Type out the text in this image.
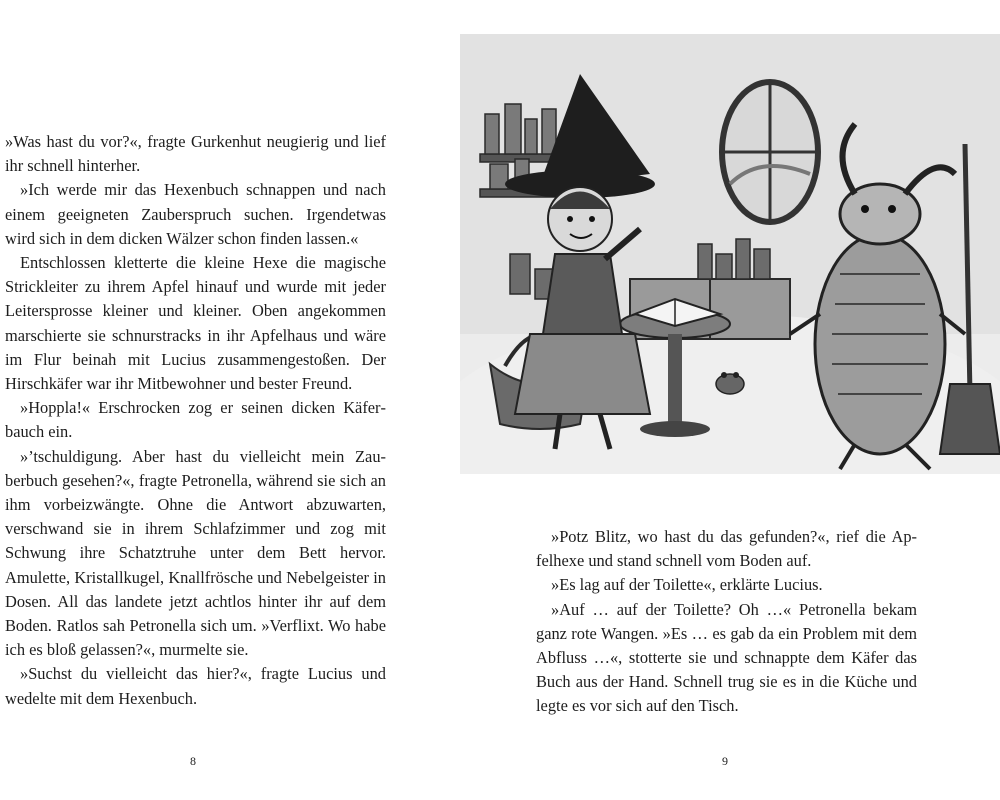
»Was hast du vor?«, fragte Gurkenhut neugierig und lief ihr schnell hinterher.

»Ich werde mir das Hexenbuch schnappen und nach einem geeigneten Zauberspruch suchen. Irgendetwas wird sich in dem dicken Wälzer schon finden lassen.«

Entschlossen kletterte die kleine Hexe die magische Strickleiter zu ihrem Apfel hinauf und wurde mit jeder Leitersprosse kleiner und kleiner. Oben angekommen marschierte sie schnurstracks in ihr Apfelhaus und wäre im Flur beinah mit Lucius zusammengestoßen. Der Hirschkäfer war ihr Mitbewohner und bester Freund.

»Hoppla!« Erschrocken zog er seinen dicken Käferbauch ein.

»’tschuldigung. Aber hast du vielleicht mein Zauberbuch gesehen?«, fragte Petronella, während sie sich an ihm vorbeizwängte. Ohne die Antwort abzuwarten, verschwand sie in ihrem Schlafzimmer und zog mit Schwung ihre Schatztruhe unter dem Bett hervor. Amulette, Kristallkugel, Knallfrösche und Nebelgeister in Dosen. All das landete jetzt achtlos hinter ihr auf dem Boden. Ratlos sah Petronella sich um. »Verflixt. Wo habe ich es bloß gelassen?«, murmelte sie.

»Suchst du vielleicht das hier?«, fragte Lucius und wedelte mit dem Hexenbuch.

8

»Potz Blitz, wo hast du das gefunden?«, rief die Apfelhexe und stand schnell vom Boden auf.

»Es lag auf der Toilette«, erklärte Lucius.

»Auf … auf der Toilette? Oh …« Petronella bekam ganz rote Wangen. »Es … es gab da ein Problem mit dem Abfluss …«, stotterte sie und schnappte dem Käfer das Buch aus der Hand. Schnell trug sie es in die Küche und legte es vor sich auf den Tisch.

9
